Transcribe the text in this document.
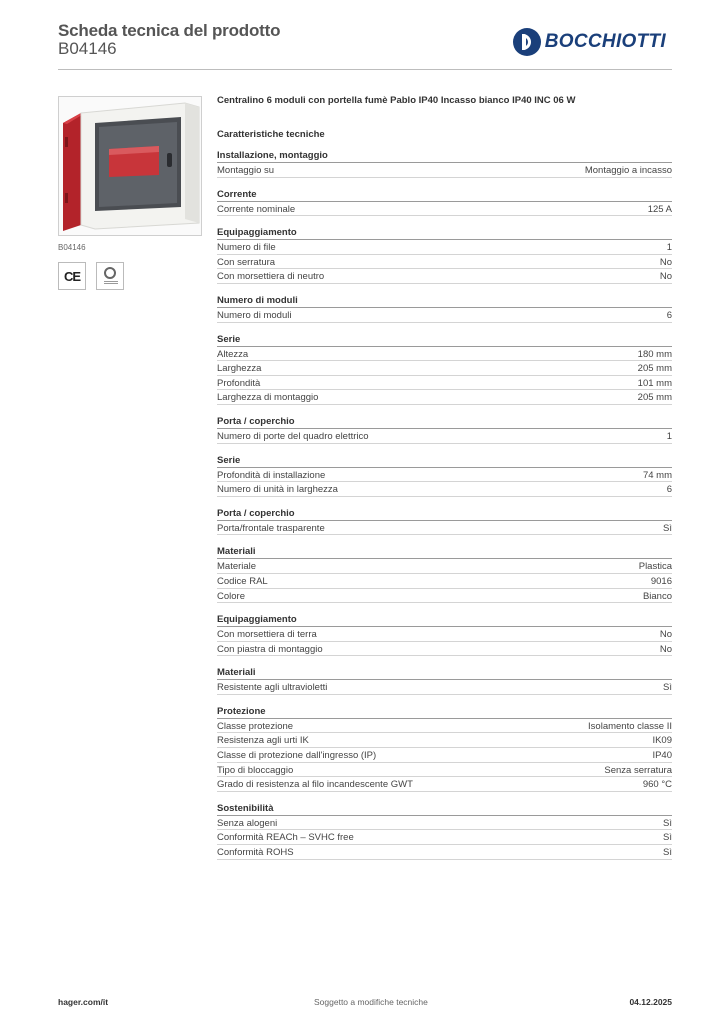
Scheda tecnica del prodotto
B04146	BOCCHIOTTI
B04146
CE
Centralino 6 moduli con portella fumè Pablo IP40 Incasso bianco IP40 INC 06 W
Caratteristiche tecniche
Installazione, montaggio
Montaggio su	Montaggio a incasso
Corrente
Corrente nominale	125 A
Equipaggiamento
Numero di file	1
Con serratura	No
Con morsettiera di neutro	No
Numero di moduli
Numero di moduli	6
Serie
Altezza	180 mm
Larghezza	205 mm
Profondità	101 mm
Larghezza di montaggio	205 mm
Porta / coperchio
Numero di porte del quadro elettrico	1
Serie
Profondità di installazione	74 mm
Numero di unità in larghezza	6
Porta / coperchio
Porta/frontale trasparente	Sì
Materiali
Materiale	Plastica
Codice RAL	9016
Colore	Bianco
Equipaggiamento
Con morsettiera di terra	No
Con piastra di montaggio	No
Materiali
Resistente agli ultravioletti	Sì
Protezione
Classe protezione	Isolamento classe II
Resistenza agli urti IK	IK09
Classe di protezione dall'ingresso (IP)	IP40
Tipo di bloccaggio	Senza serratura
Grado di resistenza al filo incandescente GWT	960 °C
Sostenibilità
Senza alogeni	Sì
Conformità REACh – SVHC free	Sì
Conformità ROHS	Sì
hager.com/it	Soggetto a modifiche tecniche	04.12.2025
